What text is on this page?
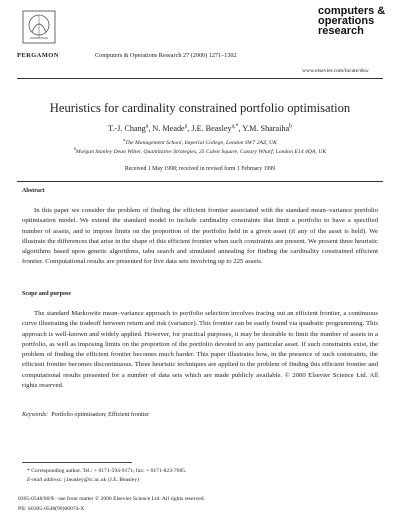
PERGAMON	Computers & Operations Research 27 (2000) 1271–1302
computers &
operations
research
www.elsevier.com/locate/dsw
Heuristics for cardinality constrained portfolio optimisation
T.-J. Chang$^a$, N. Meade$^a$, J.E. Beasley$^{a,*}$, Y.M. Sharaiha$^b$
$^a$The Management School, Imperial College, London SW7 2AZ, UK
$^b$Morgan Stanley Dean Witter, Quantitative Strategies, 25 Cabot Square, Canary Wharf, London E14 4QA, UK
Received 1 May 1998; received in revised form 1 February 1999
Abstract
In this paper we consider the problem of finding the efficient frontier associated with the standard mean–variance portfolio optimisation model. We extend the standard model to include cardinality constraints that limit a portfolio to have a specified number of assets, and to impose limits on the proportion of the portfolio held in a given asset (if any of the asset is held). We illustrate the differences that arise in the shape of this efficient frontier when such constraints are present. We present three heuristic algorithms based upon genetic algorithms, tabu search and simulated annealing for finding the cardinality constrained efficient frontier. Computational results are presented for five data sets involving up to 225 assets.
Scope and purpose
The standard Markowitz mean–variance approach to portfolio selection involves tracing out an efficient frontier, a continuous curve illustrating the tradeoff between return and risk (variance). This frontier can be easily found via quadratic programming. This approach is well-known and widely applied. However, for practical purposes, it may be desirable to limit the number of assets in a portfolio, as well as imposing limits on the proportion of the portfolio devoted to any particular asset. If such constraints exist, the problem of finding the efficient frontier becomes much harder. This paper illustrates how, in the presence of such constraints, the efficient frontier becomes discontinuous. Three heuristic techniques are applied to the problem of finding this efficient frontier and computational results presented for a number of data sets which are made publicly available. © 2000 Elsevier Science Ltd. All rights reserved.
Keywords: Portfolio optimisation; Efficient frontier
* Corresponding author. Tel.: + 0171-594-9171; fax: + 0171-823-7685.
E-mail address: j.beasley@ic.ac.uk (J.E. Beasley)
0305-0548/00/$ - see front matter © 2000 Elsevier Science Ltd. All rights reserved.
PII: S0305-0548(99)00074-X
